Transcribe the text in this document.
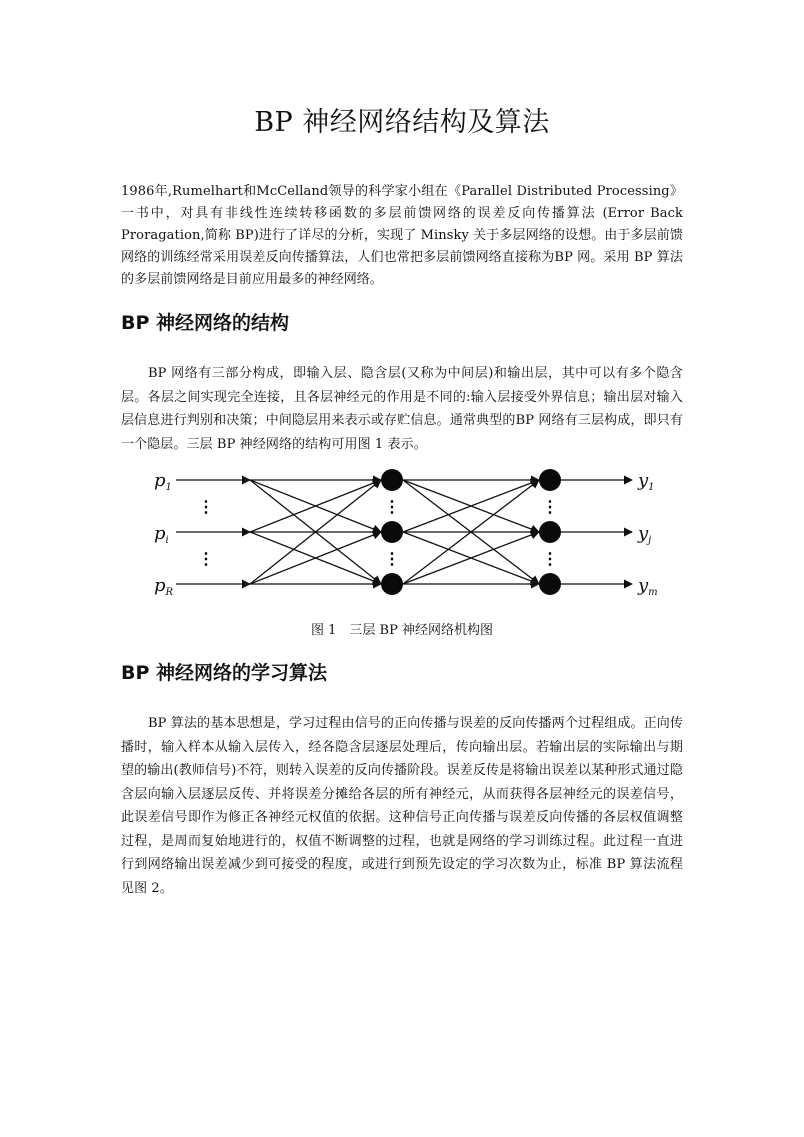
BP 神经网络结构及算法

1986年,Rumelhart和McCelland领导的科学家小组在《Parallel Distributed Processing》一书中，对具有非线性连续转移函数的多层前馈网络的误差反向传播算法 (Error Back Proragation,简称 BP)进行了详尽的分析，实现了 Minsky 关于多层网络的设想。由于多层前馈网络的训练经常采用误差反向传播算法，人们也常把多层前馈网络直接称为BP 网。采用 BP 算法的多层前馈网络是目前应用最多的神经网络。

BP 神经网络的结构

BP 网络有三部分构成，即输入层、隐含层(又称为中间层)和输出层，其中可以有多个隐含层。各层之间实现完全连接，且各层神经元的作用是不同的:输入层接受外界信息；输出层对输入层信息进行判别和决策；中间隐层用来表示或存贮信息。通常典型的BP 网络有三层构成，即只有一个隐层。三层 BP 神经网络的结构可用图 1 表示。

$p_1$
$p_i$
$p_R$
$y_1$
$y_j$
$y_m$
⋮
⋮
⋮
⋮
⋮
⋮
图 1　三层 BP 神经网络机构图
BP 神经网络的学习算法

BP 算法的基本思想是，学习过程由信号的正向传播与误差的反向传播两个过程组成。正向传播时，输入样本从输入层传入，经各隐含层逐层处理后，传向输出层。若输出层的实际输出与期望的输出(教师信号)不符，则转入误差的反向传播阶段。误差反传是将输出误差以某种形式通过隐含层向输入层逐层反传、并将误差分摊给各层的所有神经元，从而获得各层神经元的误差信号，此误差信号即作为修正各神经元权值的依据。这种信号正向传播与误差反向传播的各层权值调整过程，是周而复始地进行的，权值不断调整的过程，也就是网络的学习训练过程。此过程一直进行到网络输出误差减少到可接受的程度，或进行到预先设定的学习次数为止，标准 BP 算法流程见图 2。
